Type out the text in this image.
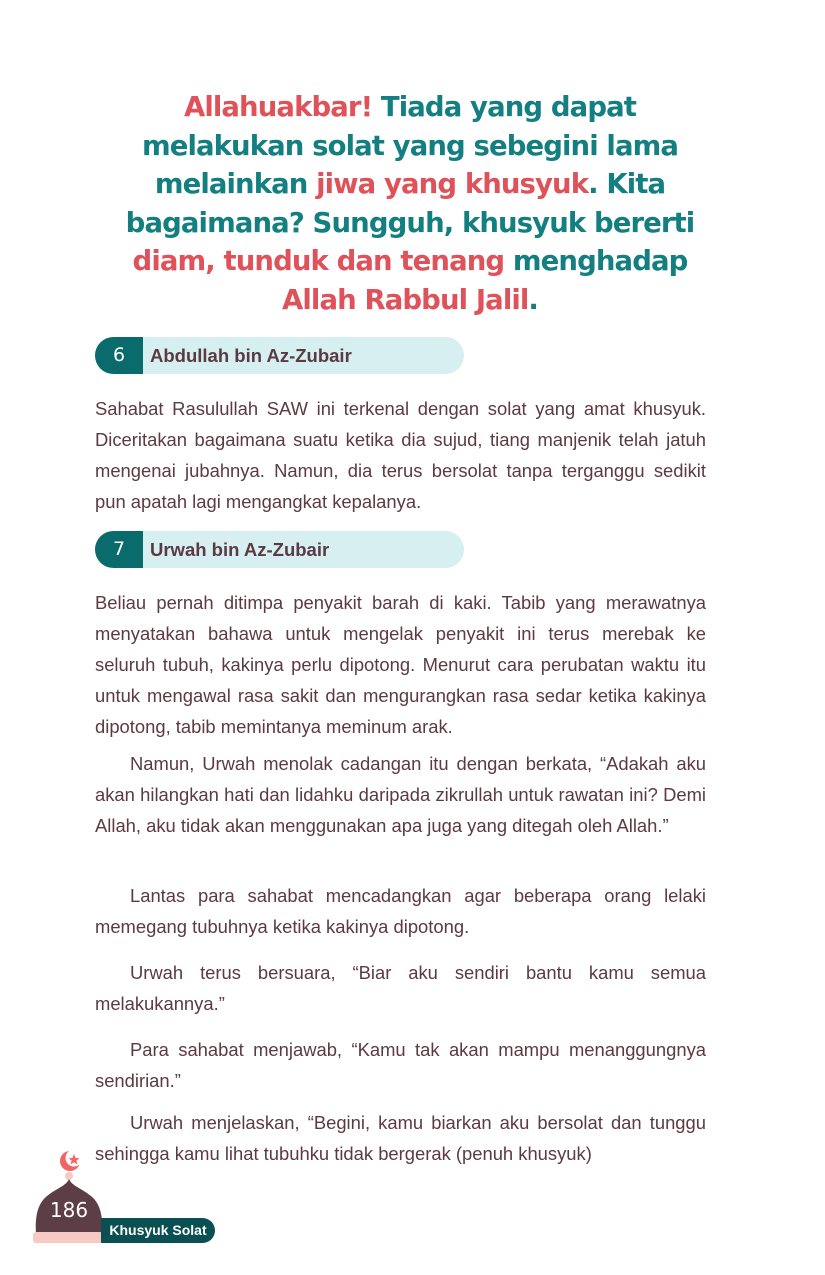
Allahuakbar! Tiada yang dapat melakukan solat yang sebegini lama melainkan jiwa yang khusyuk. Kita bagaimana? Sungguh, khusyuk bererti diam, tunduk dan tenang menghadap Allah Rabbul Jalil.
6	Abdullah bin Az-Zubair

Sahabat Rasulullah SAW ini terkenal dengan solat yang amat khusyuk. Diceritakan bagaimana suatu ketika dia sujud, tiang manjenik telah jatuh mengenai jubahnya. Namun, dia terus bersolat tanpa terganggu sedikit pun apatah lagi mengangkat kepalanya.

7	Urwah bin Az-Zubair

Beliau pernah ditimpa penyakit barah di kaki. Tabib yang merawatnya menyatakan bahawa untuk mengelak penyakit ini terus merebak ke seluruh tubuh, kakinya perlu dipotong. Menurut cara perubatan waktu itu untuk mengawal rasa sakit dan mengurangkan rasa sedar ketika kakinya dipotong, tabib memintanya meminum arak.

Namun, Urwah menolak cadangan itu dengan berkata, “Adakah aku akan hilangkan hati dan lidahku daripada zikrullah untuk rawatan ini? Demi Allah, aku tidak akan menggunakan apa juga yang ditegah oleh Allah.”

Lantas para sahabat mencadangkan agar beberapa orang lelaki memegang tubuhnya ketika kakinya dipotong.

Urwah terus bersuara, “Biar aku sendiri bantu kamu semua melakukannya.”

Para sahabat menjawab, “Kamu tak akan mampu menanggungnya sendirian.”

Urwah menjelaskan, “Begini, kamu biarkan aku bersolat dan tunggu sehingga kamu lihat tubuhku tidak bergerak (penuh khusyuk)

186
Khusyuk Solat
